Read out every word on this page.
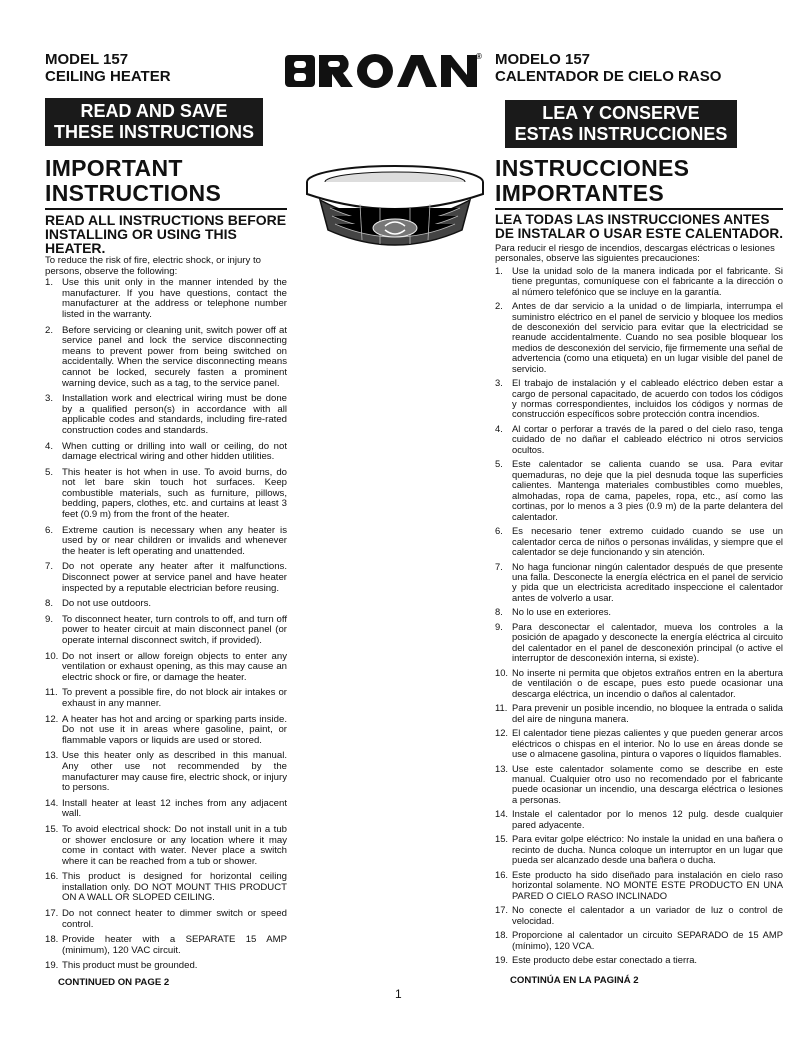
MODEL 157
CEILING HEATER
® MODELO 157
CALENTADOR DE CIELO RASO
READ AND SAVE
THESE INSTRUCTIONS
LEA Y CONSERVE
ESTAS INSTRUCCIONES
IMPORTANT
INSTRUCTIONS
READ ALL INSTRUCTIONS BEFORE
INSTALLING OR USING THIS HEATER.
To reduce the risk of fire, electric shock, or injury to persons, observe the following:
1. Use this unit only in the manner intended by the manufacturer. If you have questions, contact the manufacturer at the address or telephone number listed in the warranty.
2. Before servicing or cleaning unit, switch power off at service panel and lock the service disconnecting means to prevent power from being switched on accidentally. When the service disconnecting means cannot be locked, securely fasten a prominent warning device, such as a tag, to the service panel.
3. Installation work and electrical wiring must be done by a qualified person(s) in accordance with all applicable codes and standards, including fire-rated construction codes and standards.
4. When cutting or drilling into wall or ceiling, do not damage electrical wiring and other hidden utilities.
5. This heater is hot when in use. To avoid burns, do not let bare skin touch hot surfaces. Keep combustible materials, such as furniture, pillows, bedding, papers, clothes, etc. and curtains at least 3 feet (0.9 m) from the front of the heater.
6. Extreme caution is necessary when any heater is used by or near children or invalids and whenever the heater is left operating and unattended.
7. Do not operate any heater after it malfunctions. Disconnect power at service panel and have heater inspected by a reputable electrician before reusing.
8. Do not use outdoors.
9. To disconnect heater, turn controls to off, and turn off power to heater circuit at main disconnect panel (or operate internal disconnect switch, if provided).
10. Do not insert or allow foreign objects to enter any ventilation or exhaust opening, as this may cause an electric shock or fire, or damage the heater.
11. To prevent a possible fire, do not block air intakes or exhaust in any manner.
12. A heater has hot and arcing or sparking parts inside. Do not use it in areas where gasoline, paint, or flammable vapors or liquids are used or stored.
13. Use this heater only as described in this manual. Any other use not recommended by the manufacturer may cause fire, electric shock, or injury to persons.
14. Install heater at least 12 inches from any adjacent wall.
15. To avoid electrical shock: Do not install unit in a tub or shower enclosure or any location where it may come in contact with water. Never place a switch where it can be reached from a tub or shower.
16. This product is designed for horizontal ceiling installation only. DO NOT MOUNT THIS PRODUCT ON A WALL OR SLOPED CEILING.
17. Do not connect heater to dimmer switch or speed control.
18. Provide heater with a SEPARATE 15 AMP (minimum), 120 VAC circuit.
19. This product must be grounded.
INSTRUCCIONES
IMPORTANTES
LEA TODAS LAS INSTRUCCIONES ANTES
DE INSTALAR O USAR ESTE CALENTADOR.
Para reducir el riesgo de incendios, descargas eléctricas o lesiones personales, observe las siguientes precauciones:
1. Use la unidad solo de la manera indicada por el fabricante. Si tiene preguntas, comuníquese con el fabricante a la dirección o al número telefónico que se incluye en la garantía.
2. Antes de dar servicio a la unidad o de limpiarla, interrumpa el suministro eléctrico en el panel de servicio y bloquee los medios de desconexión del servicio para evitar que la electricidad se reanude accidentalmente. Cuando no sea posible bloquear los medios de desconexión del servicio, fije firmemente una señal de advertencia (como una etiqueta) en un lugar visible del panel de servicio.
3. El trabajo de instalación y el cableado eléctrico deben estar a cargo de personal capacitado, de acuerdo con todos los códigos y normas correspondientes, incluidos los códigos y normas de construcción específicos sobre protección contra incendios.
4. Al cortar o perforar a través de la pared o del cielo raso, tenga cuidado de no dañar el cableado eléctrico ni otros servicios ocultos.
5. Este calentador se calienta cuando se usa. Para evitar quemaduras, no deje que la piel desnuda toque las superficies calientes. Mantenga materiales combustibles como muebles, almohadas, ropa de cama, papeles, ropa, etc., así como las cortinas, por lo menos a 3 pies (0.9 m) de la parte delantera del calentador.
6. Es necesario tener extremo cuidado cuando se use un calentador cerca de niños o personas inválidas, y siempre que el calentador se deje funcionando y sin atención.
7. No haga funcionar ningún calentador después de que presente una falla. Desconecte la energía eléctrica en el panel de servicio y pida que un electricista acreditado inspeccione el calentador antes de volverlo a usar.
8. No lo use en exteriores.
9. Para desconectar el calentador, mueva los controles a la posición de apagado y desconecte la energía eléctrica al circuito del calentador en el panel de desconexión principal (o active el interruptor de desconexión interna, si existe).
10. No inserte ni permita que objetos extraños entren en la abertura de ventilación o de escape, pues esto puede ocasionar una descarga eléctrica, un incendio o daños al calentador.
11. Para prevenir un posible incendio, no bloquee la entrada o salida del aire de ninguna manera.
12. El calentador tiene piezas calientes y que pueden generar arcos eléctricos o chispas en el interior. No lo use en áreas donde se use o almacene gasolina, pintura o vapores o líquidos flamables.
13. Use este calentador solamente como se describe en este manual. Cualquier otro uso no recomendado por el fabricante puede ocasionar un incendio, una descarga eléctrica o lesiones a personas.
14. Instale el calentador por lo menos 12 pulg. desde cualquier pared adyacente.
15. Para evitar golpe eléctrico: No instale la unidad en una bañera o recinto de ducha. Nunca coloque un interruptor en un lugar que pueda ser alcanzado desde una bañera o ducha.
16. Este producto ha sido diseñado para instalación en cielo raso horizontal solamente. NO MONTE ESTE PRODUCTO EN UNA PARED O CIELO RASO INCLINADO
17. No conecte el calentador a un variador de luz o control de velocidad.
18. Proporcione al calentador un circuito SEPARADO de 15 AMP (mínimo), 120 VCA.
19. Este producto debe estar conectado a tierra.
CONTINUED ON PAGE 2	CONTINÚA EN LA PAGINÁ 2
1
